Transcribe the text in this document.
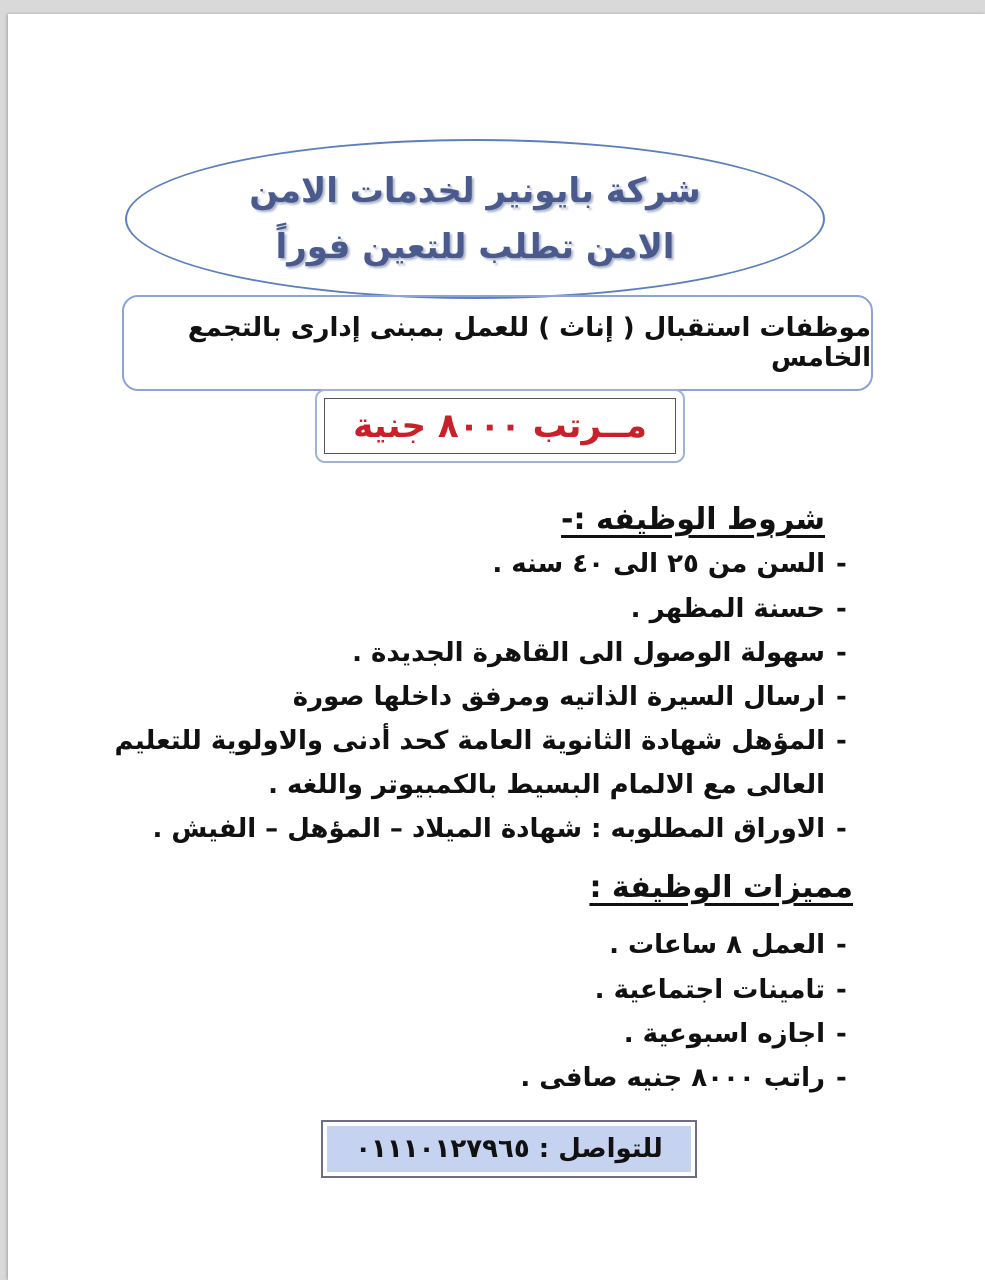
شركة بايونير لخدمات الامن
الامن تطلب للتعين فوراً
موظفات استقبال ( إناث ) للعمل بمبنى إدارى بالتجمع الخامس
مــرتب ٨٠٠٠ جنية
شروط الوظيفه :-
-
السن من ٢٥ الى ٤٠ سنه .
-
حسنة المظهر .
-
سهولة الوصول الى القاهرة الجديدة .
-
ارسال السيرة الذاتيه ومرفق داخلها صورة
-
المؤهل شهادة الثانوية العامة كحد أدنى والاولوية للتعليم
العالى مع الالمام البسيط بالكمبيوتر واللغه .
-
الاوراق المطلوبه : شهادة الميلاد – المؤهل – الفيش .
مميزات الوظيفة :
-
العمل ٨ ساعات .
-
تامينات اجتماعية .
-
اجازه اسبوعية .
-
راتب ٨٠٠٠ جنيه صافى .
للتواصل : ٠١١١٠١٢٧٩٦٥
